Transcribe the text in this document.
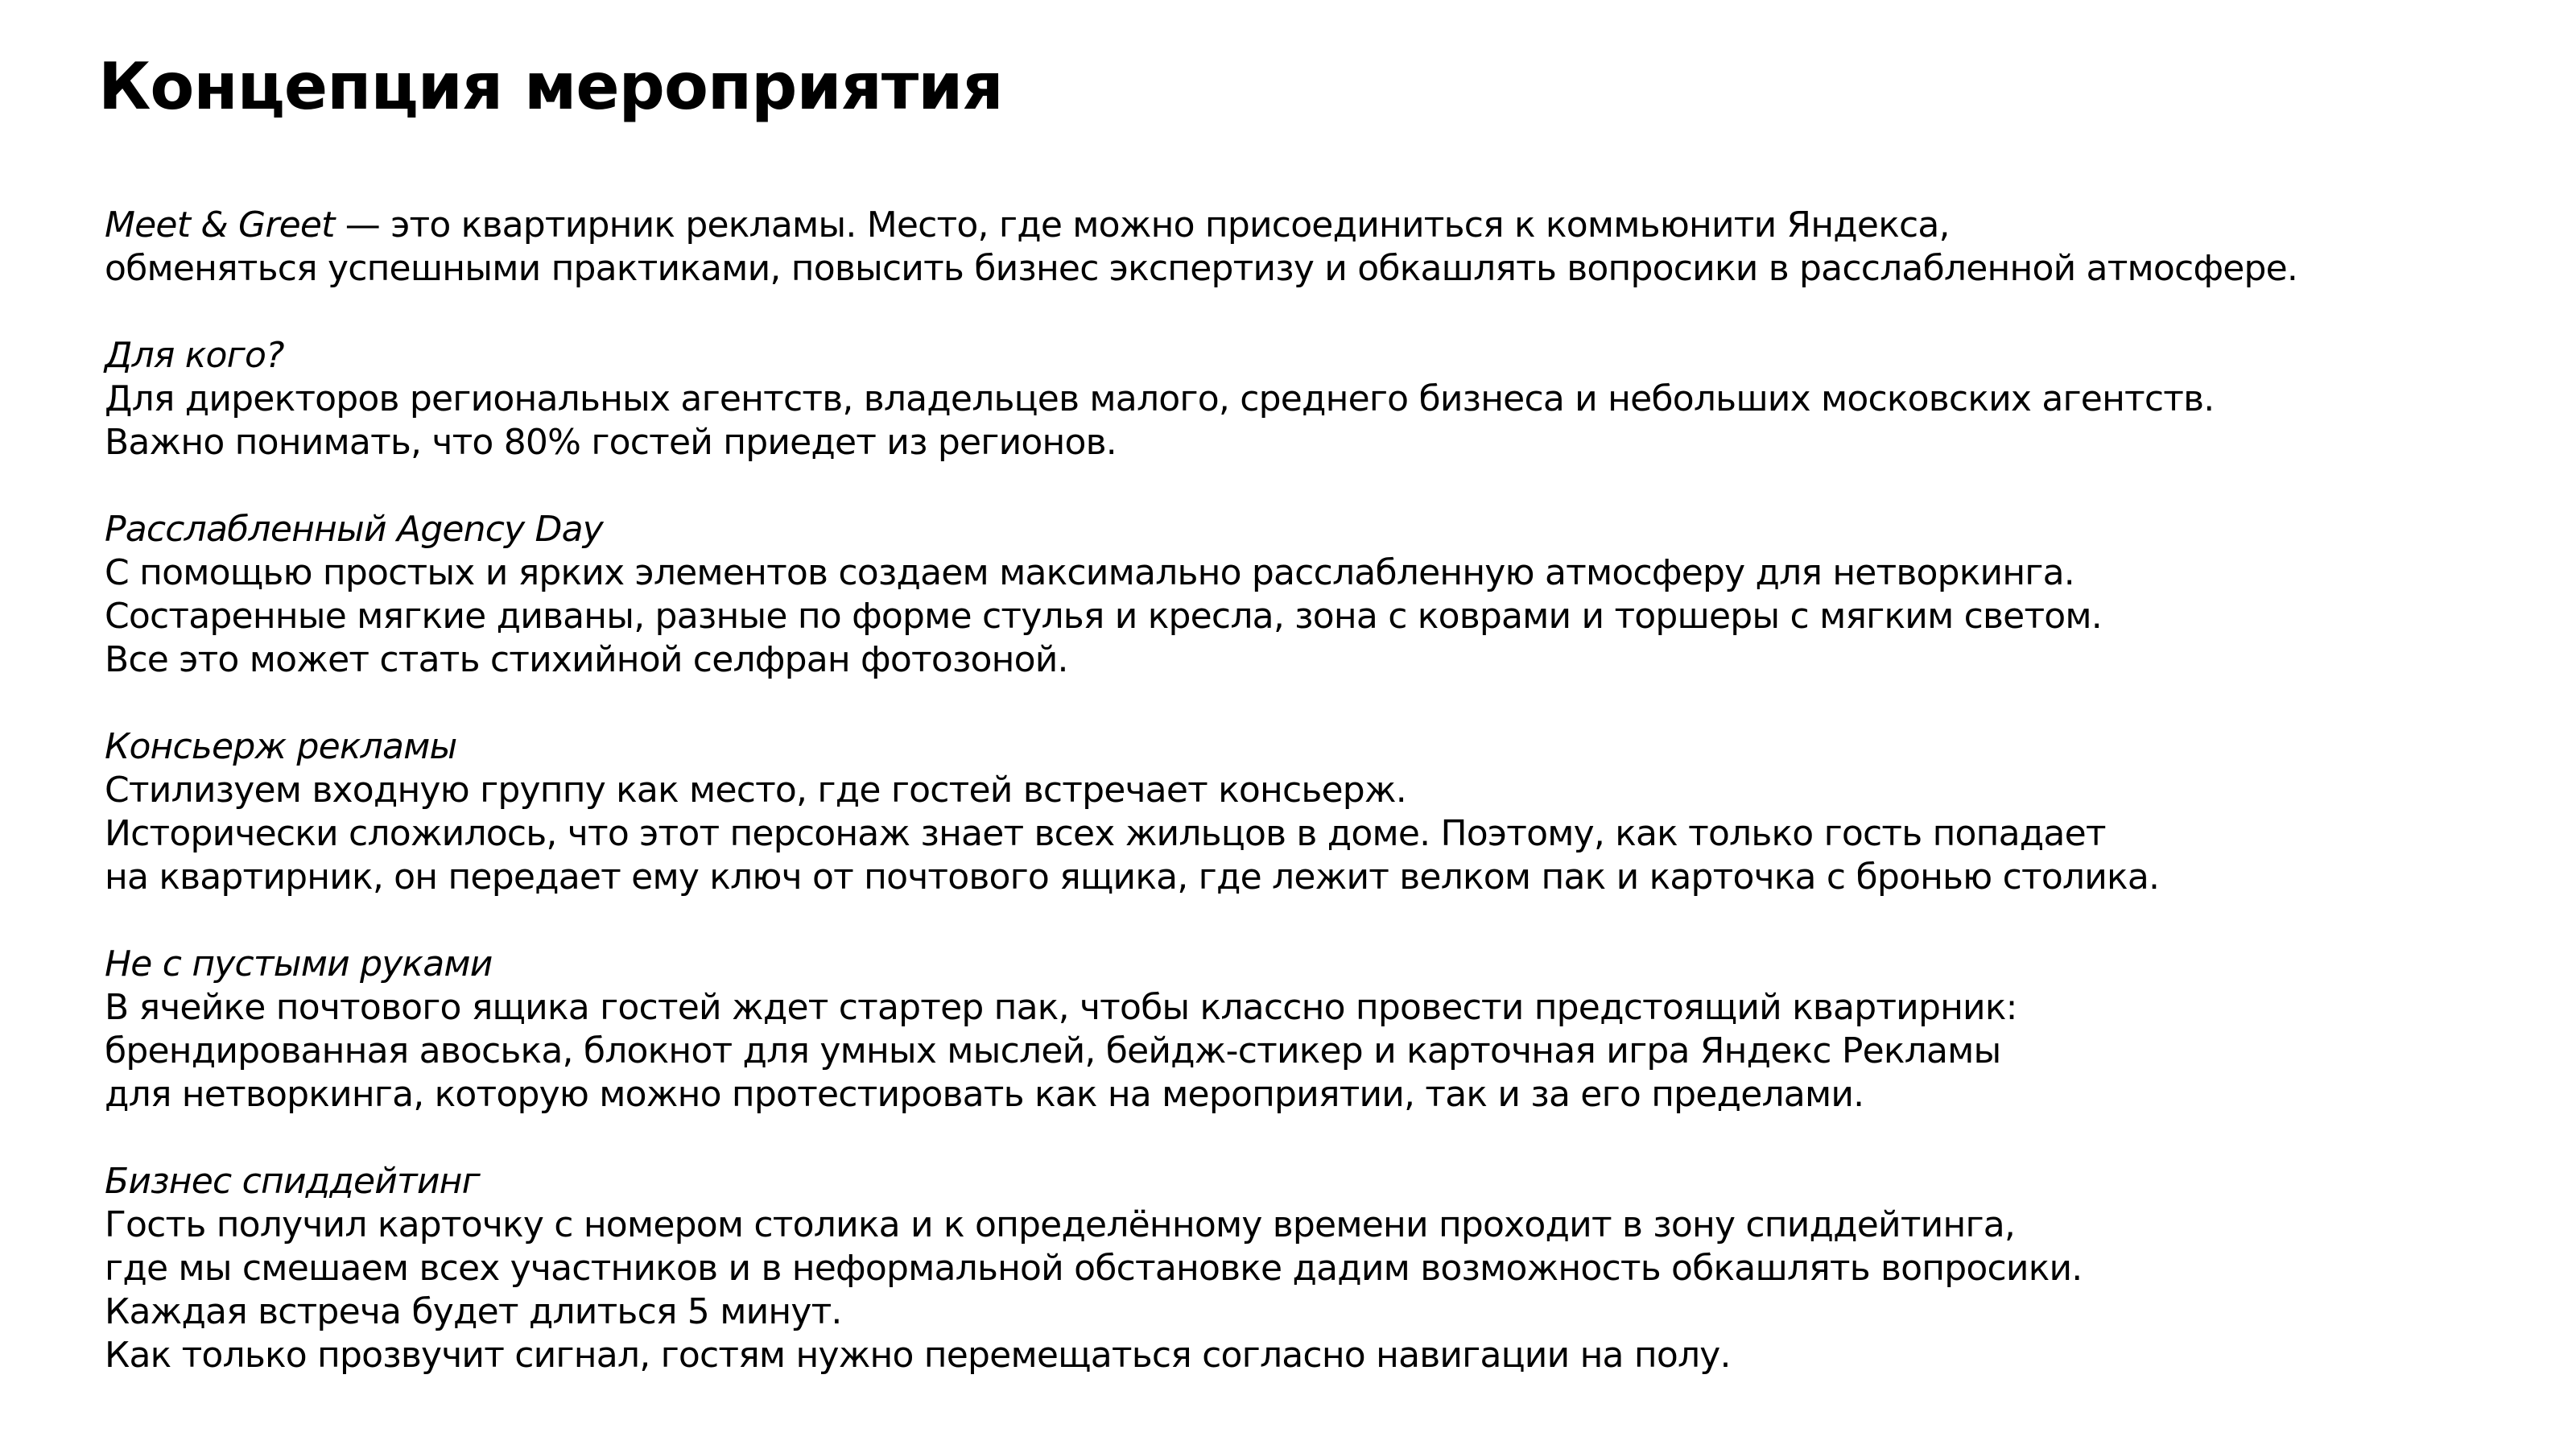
Концепция мероприятия

Meet & Greet — это квартирник рекламы. Место, где можно присоединиться к коммьюнити Яндекса,
обменяться успешными практиками, повысить бизнес экспертизу и обкашлять вопросики в расслабленной атмосфере.

Для кого?
Для директоров региональных агентств, владельцев малого, среднего бизнеса и небольших московских агентств.
Важно понимать, что 80% гостей приедет из регионов.

Расслабленный Agency Day
С помощью простых и ярких элементов создаем максимально расслабленную атмосферу для нетворкинга.
Состаренные мягкие диваны, разные по форме стулья и кресла, зона с коврами и торшеры с мягким светом.
Все это может стать стихийной селфран фотозоной.

Консьерж рекламы
Стилизуем входную группу как место, где гостей встречает консьерж.
Исторически сложилось, что этот персонаж знает всех жильцов в доме. Поэтому, как только гость попадает
на квартирник, он передает ему ключ от почтового ящика, где лежит велком пак и карточка с бронью столика.

Не с пустыми руками
В ячейке почтового ящика гостей ждет стартер пак, чтобы классно провести предстоящий квартирник:
брендированная авоська, блокнот для умных мыслей, бейдж-стикер и карточная игра Яндекс Рекламы
для нетворкинга, которую можно протестировать как на мероприятии, так и за его пределами.

Бизнес спиддейтинг
Гость получил карточку с номером столика и к определённому времени проходит в зону спиддейтинга,
где мы смешаем всех участников и в неформальной обстановке дадим возможность обкашлять вопросики.
Каждая встреча будет длиться 5 минут.
Как только прозвучит сигнал, гостям нужно перемещаться согласно навигации на полу.
